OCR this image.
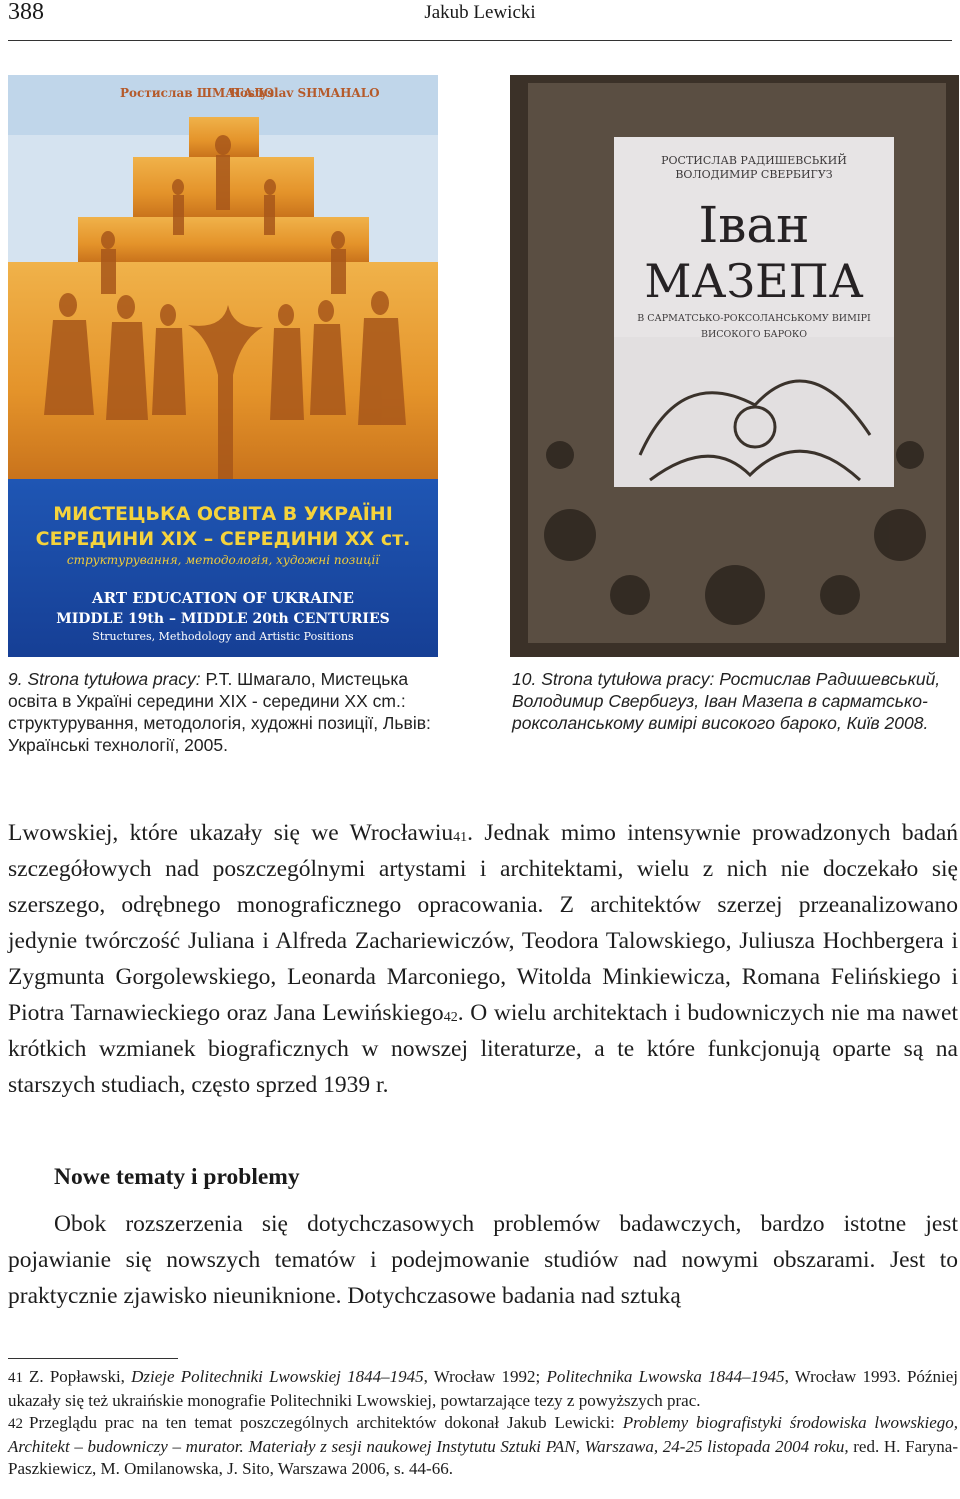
388	Jakub Lewicki
Ростислав ШМАГАЛО
Rostyslav SHMAHALO
МИСТЕЦЬКА ОСВІТА В УКРАЇНІ
СЕРЕДИНИ XIX – СЕРЕДИНИ XX ст.
структурування, методологія, художні позиції
ART EDUCATION OF UKRAINE
MIDDLE 19th – MIDDLE 20th CENTURIES
Structures, Methodology and Artistic Positions
РОСТИСЛАВ РАДИШЕВСЬКИЙ
ВОЛОДИМИР СВЕРБИГУЗ
Іван
МАЗЕПА
В САРМАТСЬКО-РОКСОЛАНСЬКОМУ ВИМІРІ
ВИСОКОГО БАРОКО
9. Strona tytułowa pracy: Р.Т. Шмагало, Мистецька освіта в Україні середини XIX - середини XX cm.: структурування, методологія, художні позиції, Львів: Українські технології, 2005.
10. Strona tytułowa pracy: Ростислав Радишевський, Володимир Свербигуз, Іван Мазепа в сарматсько-роксоланському вимірі високого бароко, Київ 2008.
Lwowskiej, które ukazały się we Wrocławiu$^{41}$. Jednak mimo intensywnie prowadzonych badań szczegółowych nad poszczególnymi artystami i architektami, wielu z nich nie doczekało się szerszego, odrębnego monograficznego opracowania. Z architektów szerzej przeanalizowano jedynie twórczość Juliana i Alfreda Zachariewiczów, Teodora Talowskiego, Juliusza Hochbergera i Zygmunta Gorgolewskiego, Leonarda Marconiego, Witolda Minkiewicza, Romana Felińskiego i Piotra Tarnawieckiego oraz Jana Lewińskiego$^{42}$. O wielu architektach i budowniczych nie ma nawet krótkich wzmianek biograficznych w nowszej literaturze, a te które funkcjonują oparte są na starszych studiach, często sprzed 1939 r.
Nowe tematy i problemy
Obok rozszerzenia się dotychczasowych problemów badawczych, bardzo istotne jest pojawianie się nowszych tematów i podejmowanie studiów nad nowymi obszarami. Jest to praktycznie zjawisko nieuniknione. Dotychczasowe badania nad sztuką

41 Z. Popławski, Dzieje Politechniki Lwowskiej 1844–1945, Wrocław 1992; Politechnika Lwowska 1844–1945, Wrocław 1993. Później ukazały się też ukraińskie monografie Politechniki Lwowskiej, powtarzające tezy z powyższych prac.

42 Przeglądu prac na ten temat poszczególnych architektów dokonał Jakub Lewicki: Problemy biografistyki środowiska lwowskiego, Architekt – budowniczy – murator. Materiały z sesji naukowej Instytutu Sztuki PAN, Warszawa, 24-25 listopada 2004 roku, red. H. Faryna-Paszkiewicz, M. Omilanowska, J. Sito, Warszawa 2006, s. 44-66.
